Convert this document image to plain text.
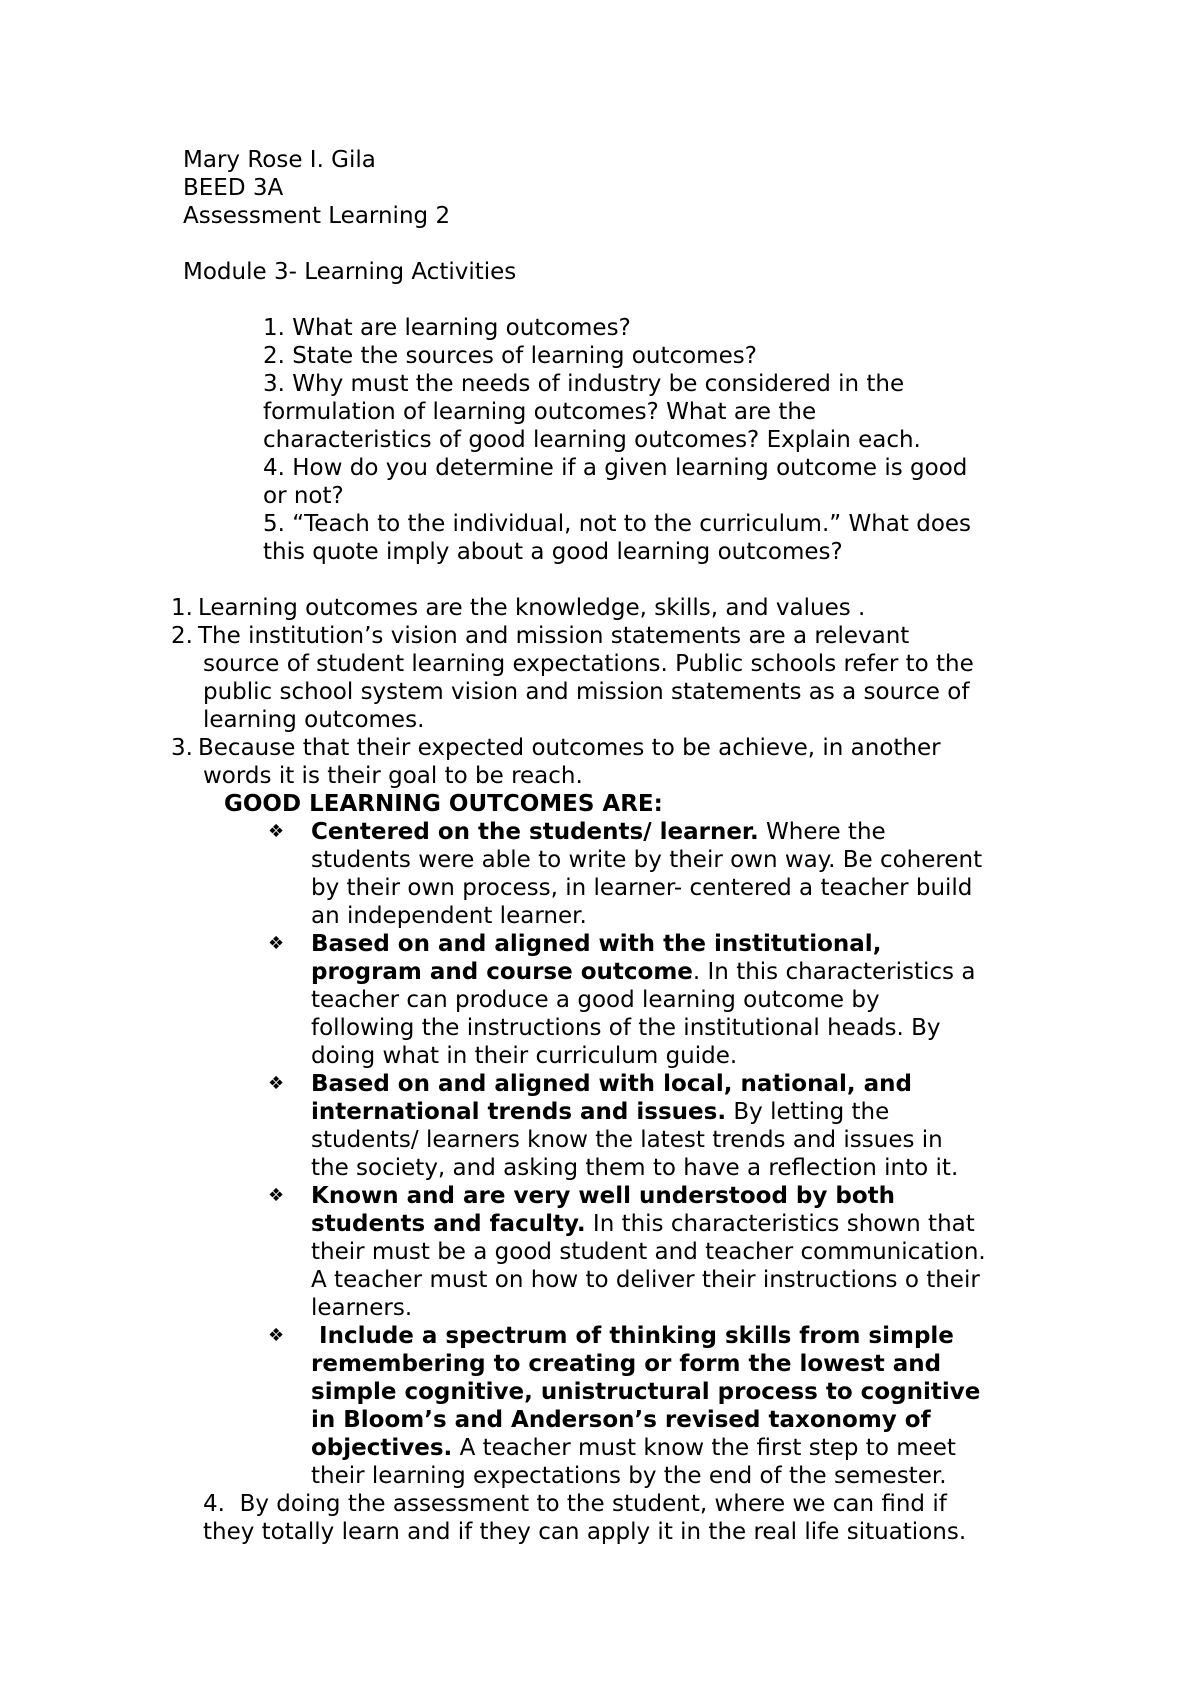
Mary Rose I. Gila
BEED 3A
Assessment Learning 2
Module 3- Learning Activities
1. What are learning outcomes?
2. State the sources of learning outcomes?
3. Why must the needs of industry be considered in the
formulation of learning outcomes? What are the
characteristics of good learning outcomes? Explain each.
4. How do you determine if a given learning outcome is good
or not?
5. “Teach to the individual, not to the curriculum.” What does
this quote imply about a good learning outcomes?
1. Learning outcomes are the knowledge, skills, and values .
2. The institution’s vision and mission statements are a relevant
source of student learning expectations. Public schools refer to the
public school system vision and mission statements as a source of
learning outcomes.
3. Because that their expected outcomes to be achieve, in another
words it is their goal to be reach.
GOOD LEARNING OUTCOMES ARE:
❖ Centered on the students/ learner. Where the
students were able to write by their own way. Be coherent
by their own process, in learner- centered a teacher build
an independent learner.
❖ Based on and aligned with the institutional,
program and course outcome. In this characteristics a
teacher can produce a good learning outcome by
following the instructions of the institutional heads. By
doing what in their curriculum guide.
❖ Based on and aligned with local, national, and
international trends and issues. By letting the
students/ learners know the latest trends and issues in
the society, and asking them to have a reflection into it.
❖ Known and are very well understood by both
students and faculty. In this characteristics shown that
their must be a good student and teacher communication.
A teacher must on how to deliver their instructions o their
learners.
❖ Include a spectrum of thinking skills from simple
remembering to creating or form the lowest and
simple cognitive, unistructural process to cognitive
in Bloom’s and Anderson’s revised taxonomy of
objectives. A teacher must know the first step to meet
their learning expectations by the end of the semester.
4.  By doing the assessment to the student, where we can find if
they totally learn and if they can apply it in the real life situations.
